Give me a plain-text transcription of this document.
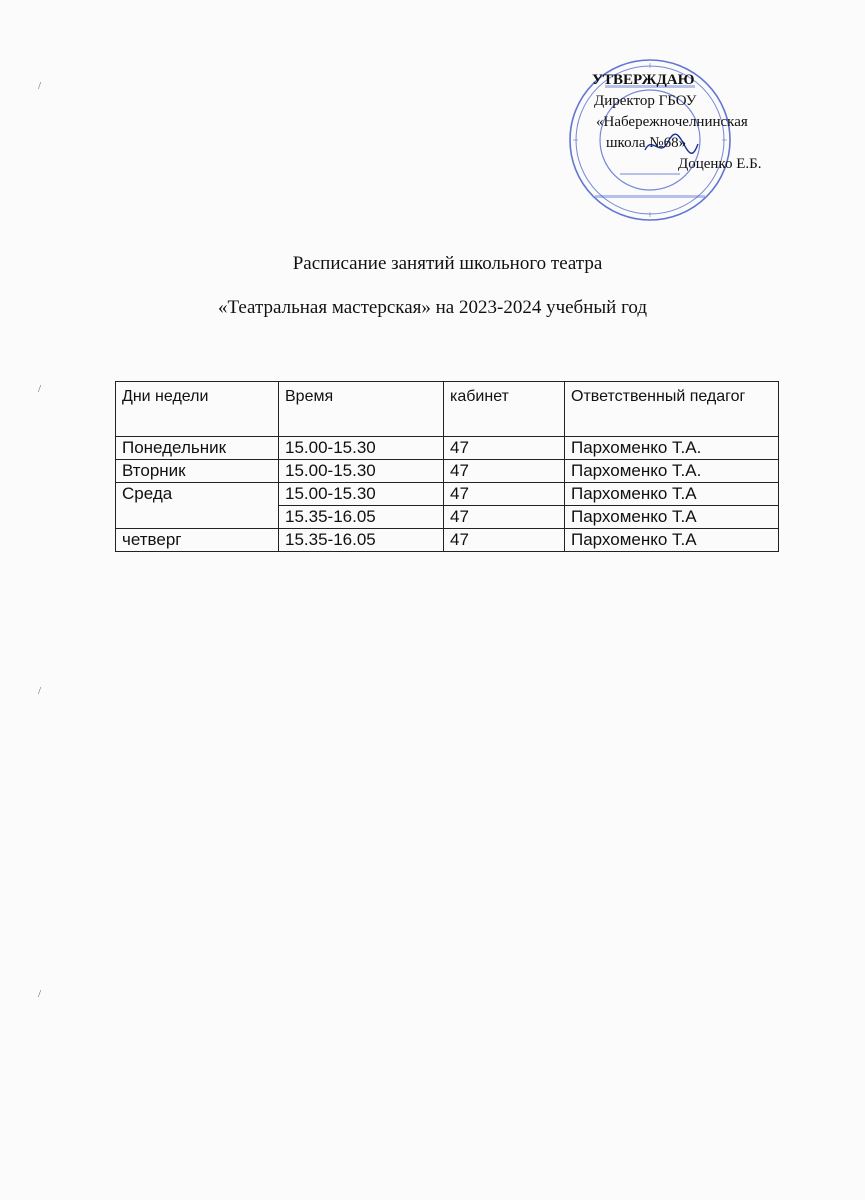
УТВЕРЖДАЮ
Директор ГБОУ
«Набережночелнинская
школа №68»
Доценко Е.Б.
Расписание занятий школьного театра
«Театральная мастерская» на 2023-2024 учебный год
Дни недели	Время	кабинет	Ответственный педагог
Понедельник	15.00-15.30	47	Пархоменко Т.А.
Вторник	15.00-15.30	47	Пархоменко Т.А.
Среда	15.00-15.30	47	Пархоменко Т.А
	15.35-16.05	47	Пархоменко Т.А
четверг	15.35-16.05	47	Пархоменко Т.А
/
/
/
/
